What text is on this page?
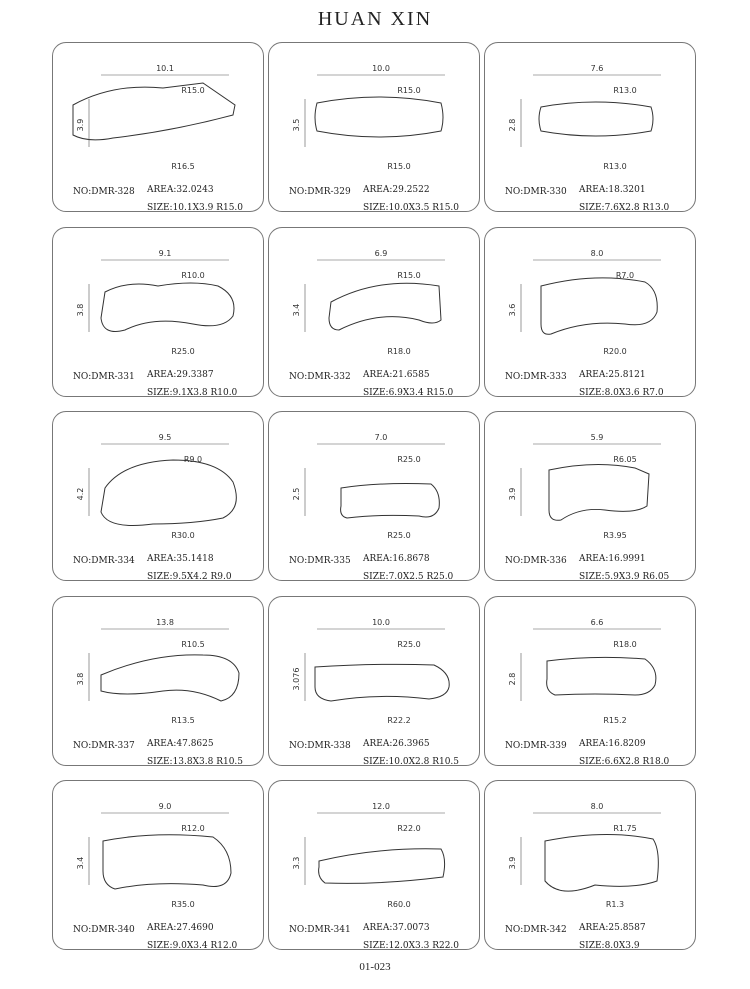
HUAN XIN
10.1
3.9
R15.0
R16.5
NO:DMR-328 AREA:32.0243
SIZE:10.1X3.9 R15.0
10.0
3.5
R15.0
R15.0
NO:DMR-329 AREA:29.2522
SIZE:10.0X3.5 R15.0
7.6
2.8
R13.0
R13.0
NO:DMR-330 AREA:18.3201
SIZE:7.6X2.8 R13.0
9.1
3.8
R10.0
R25.0
NO:DMR-331 AREA:29.3387
SIZE:9.1X3.8 R10.0
6.9
3.4
R15.0
R18.0
NO:DMR-332 AREA:21.6585
SIZE:6.9X3.4 R15.0
8.0
3.6
R7.0
R20.0
NO:DMR-333 AREA:25.8121
SIZE:8.0X3.6 R7.0
9.5
4.2
R9.0
R30.0
NO:DMR-334 AREA:35.1418
SIZE:9.5X4.2 R9.0
7.0
2.5
R25.0
R25.0
NO:DMR-335 AREA:16.8678
SIZE:7.0X2.5 R25.0
5.9
3.9
R6.05
R3.95
NO:DMR-336 AREA:16.9991
SIZE:5.9X3.9 R6.05
13.8
3.8
R10.5
R13.5
NO:DMR-337 AREA:47.8625
SIZE:13.8X3.8 R10.5
10.0
3.076
R25.0
R22.2
NO:DMR-338 AREA:26.3965
SIZE:10.0X2.8 R10.5
6.6
2.8
R18.0
R15.2
NO:DMR-339 AREA:16.8209
SIZE:6.6X2.8 R18.0
9.0
3.4
R12.0
R35.0
NO:DMR-340 AREA:27.4690
SIZE:9.0X3.4 R12.0
12.0
3.3
R22.0
R60.0
NO:DMR-341 AREA:37.0073
SIZE:12.0X3.3 R22.0
8.0
3.9
R1.75
R1.3
NO:DMR-342 AREA:25.8587
SIZE:8.0X3.9
01-023
